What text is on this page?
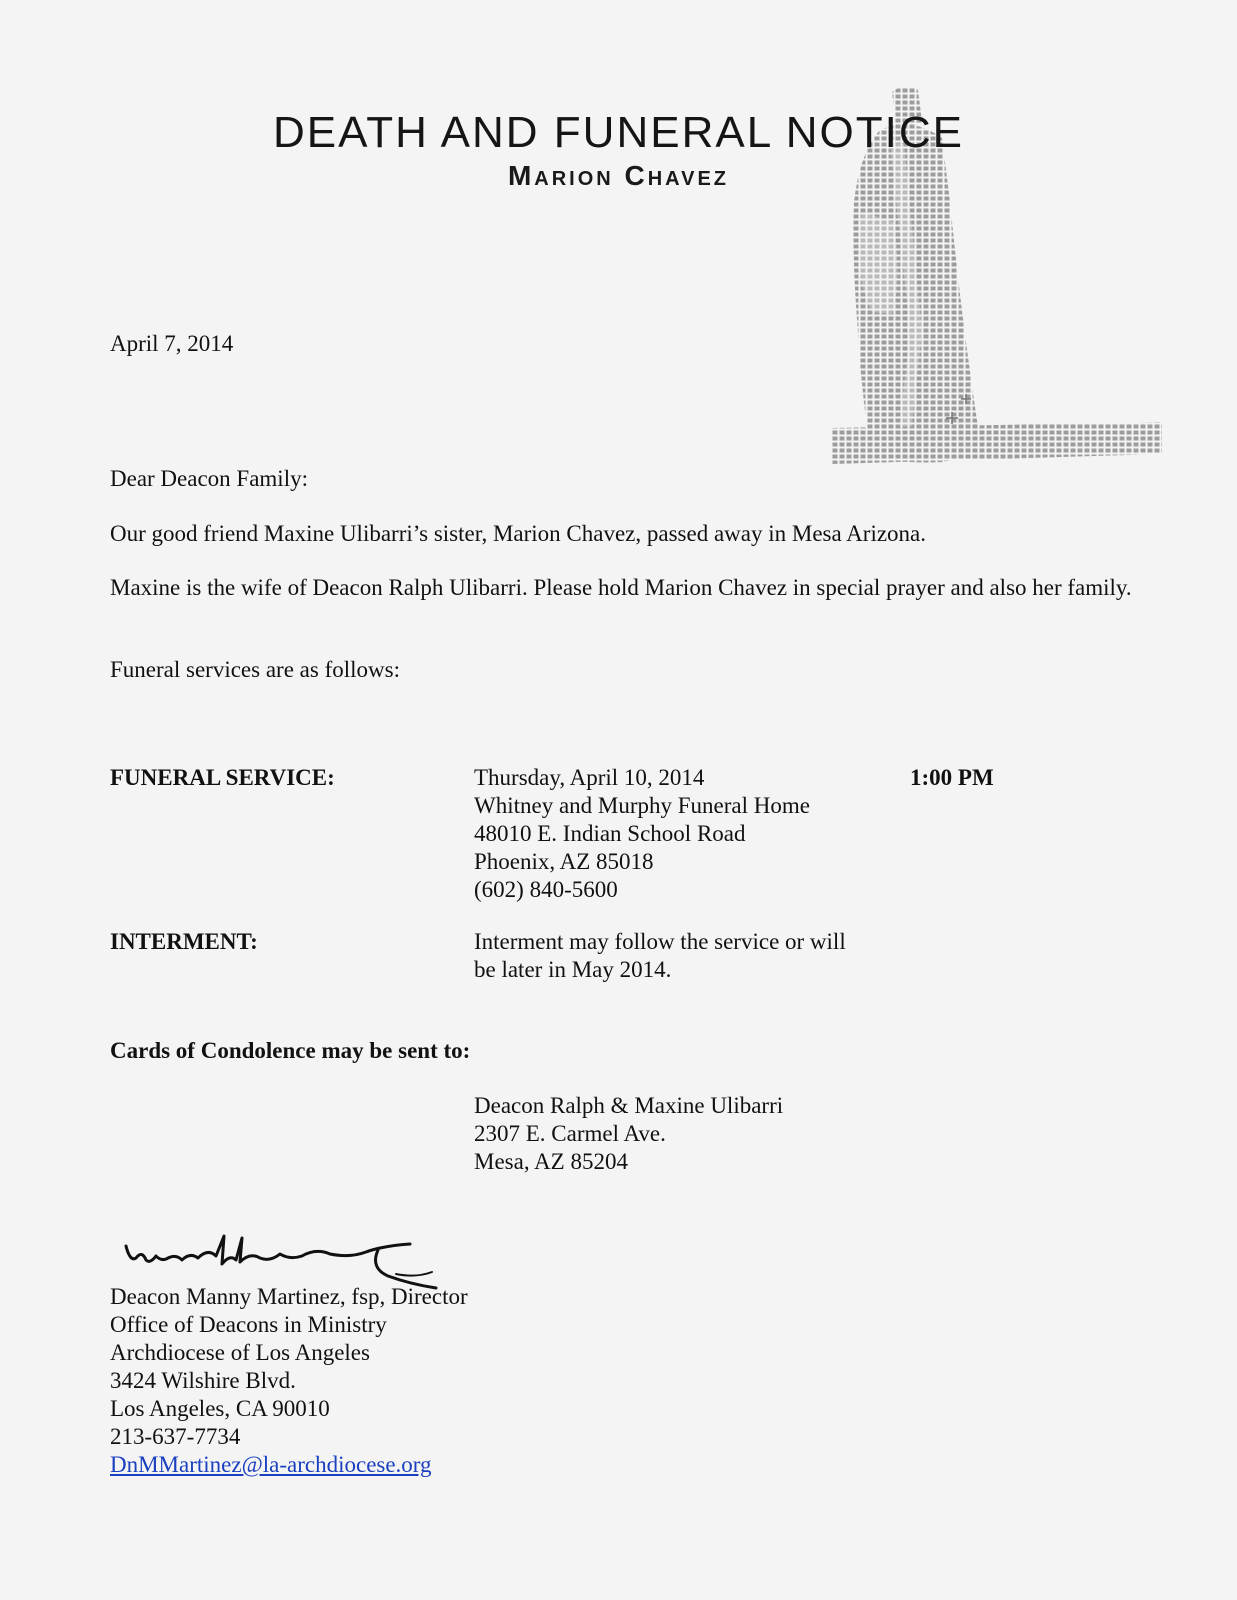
DEATH AND FUNERAL NOTICE
Marion Chavez

April 7, 2014

Dear Deacon Family:

Our good friend Maxine Ulibarri’s sister, Marion Chavez, passed away in Mesa Arizona.

Maxine is the wife of Deacon Ralph Ulibarri. Please hold Marion Chavez in special prayer and also her family.

Funeral services are as follows:

FUNERAL SERVICE:	Thursday, April 10, 2014
Whitney and Murphy Funeral Home
48010 E. Indian School Road
Phoenix, AZ 85018
(602) 840-5600

1:00 PM

INTERMENT:	Interment may follow the service or will
be later in May 2014.

Cards of Condolence may be sent to:

Deacon Ralph & Maxine Ulibarri
2307 E. Carmel Ave.
Mesa, AZ 85204
Deacon Manny Martinez, fsp, Director
Office of Deacons in Ministry
Archdiocese of Los Angeles
3424 Wilshire Blvd.
Los Angeles, CA 90010
213-637-7734
DnMMartinez@la-archdiocese.org
